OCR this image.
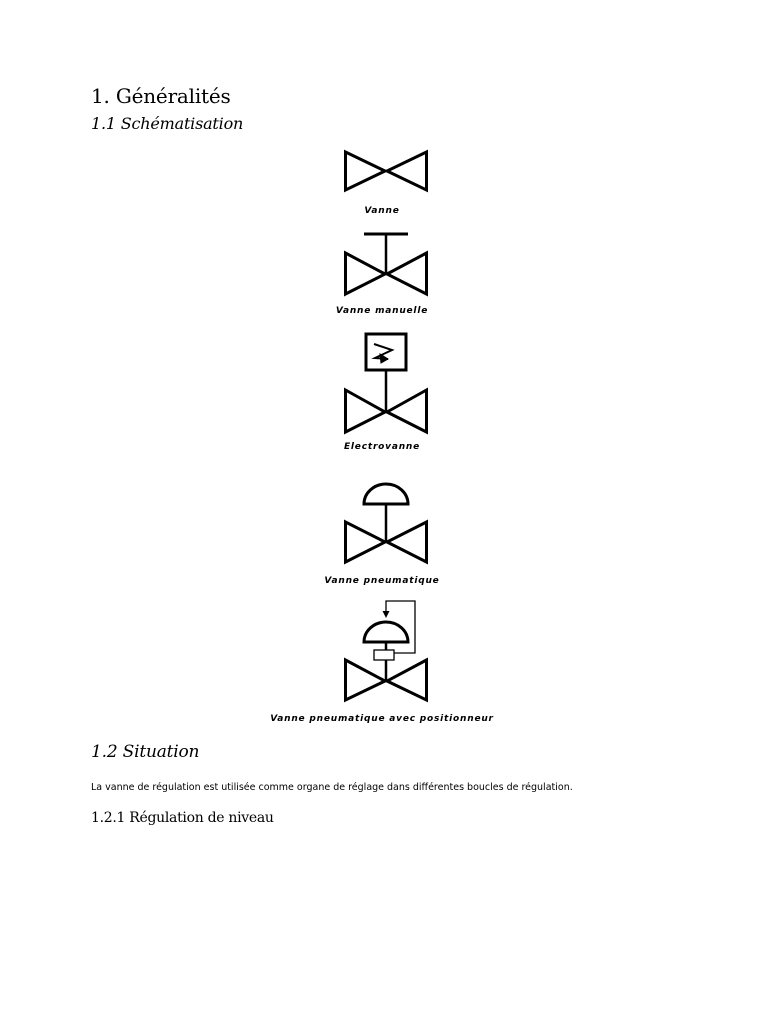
1. Généralités
1.1 Schématisation

Vanne

Vanne manuelle

Electrovanne

Vanne pneumatique

Vanne pneumatique avec positionneur

1.2 Situation

La vanne de régulation est utilisée comme organe de réglage dans différentes boucles de régulation.

1.2.1 Régulation de niveau
